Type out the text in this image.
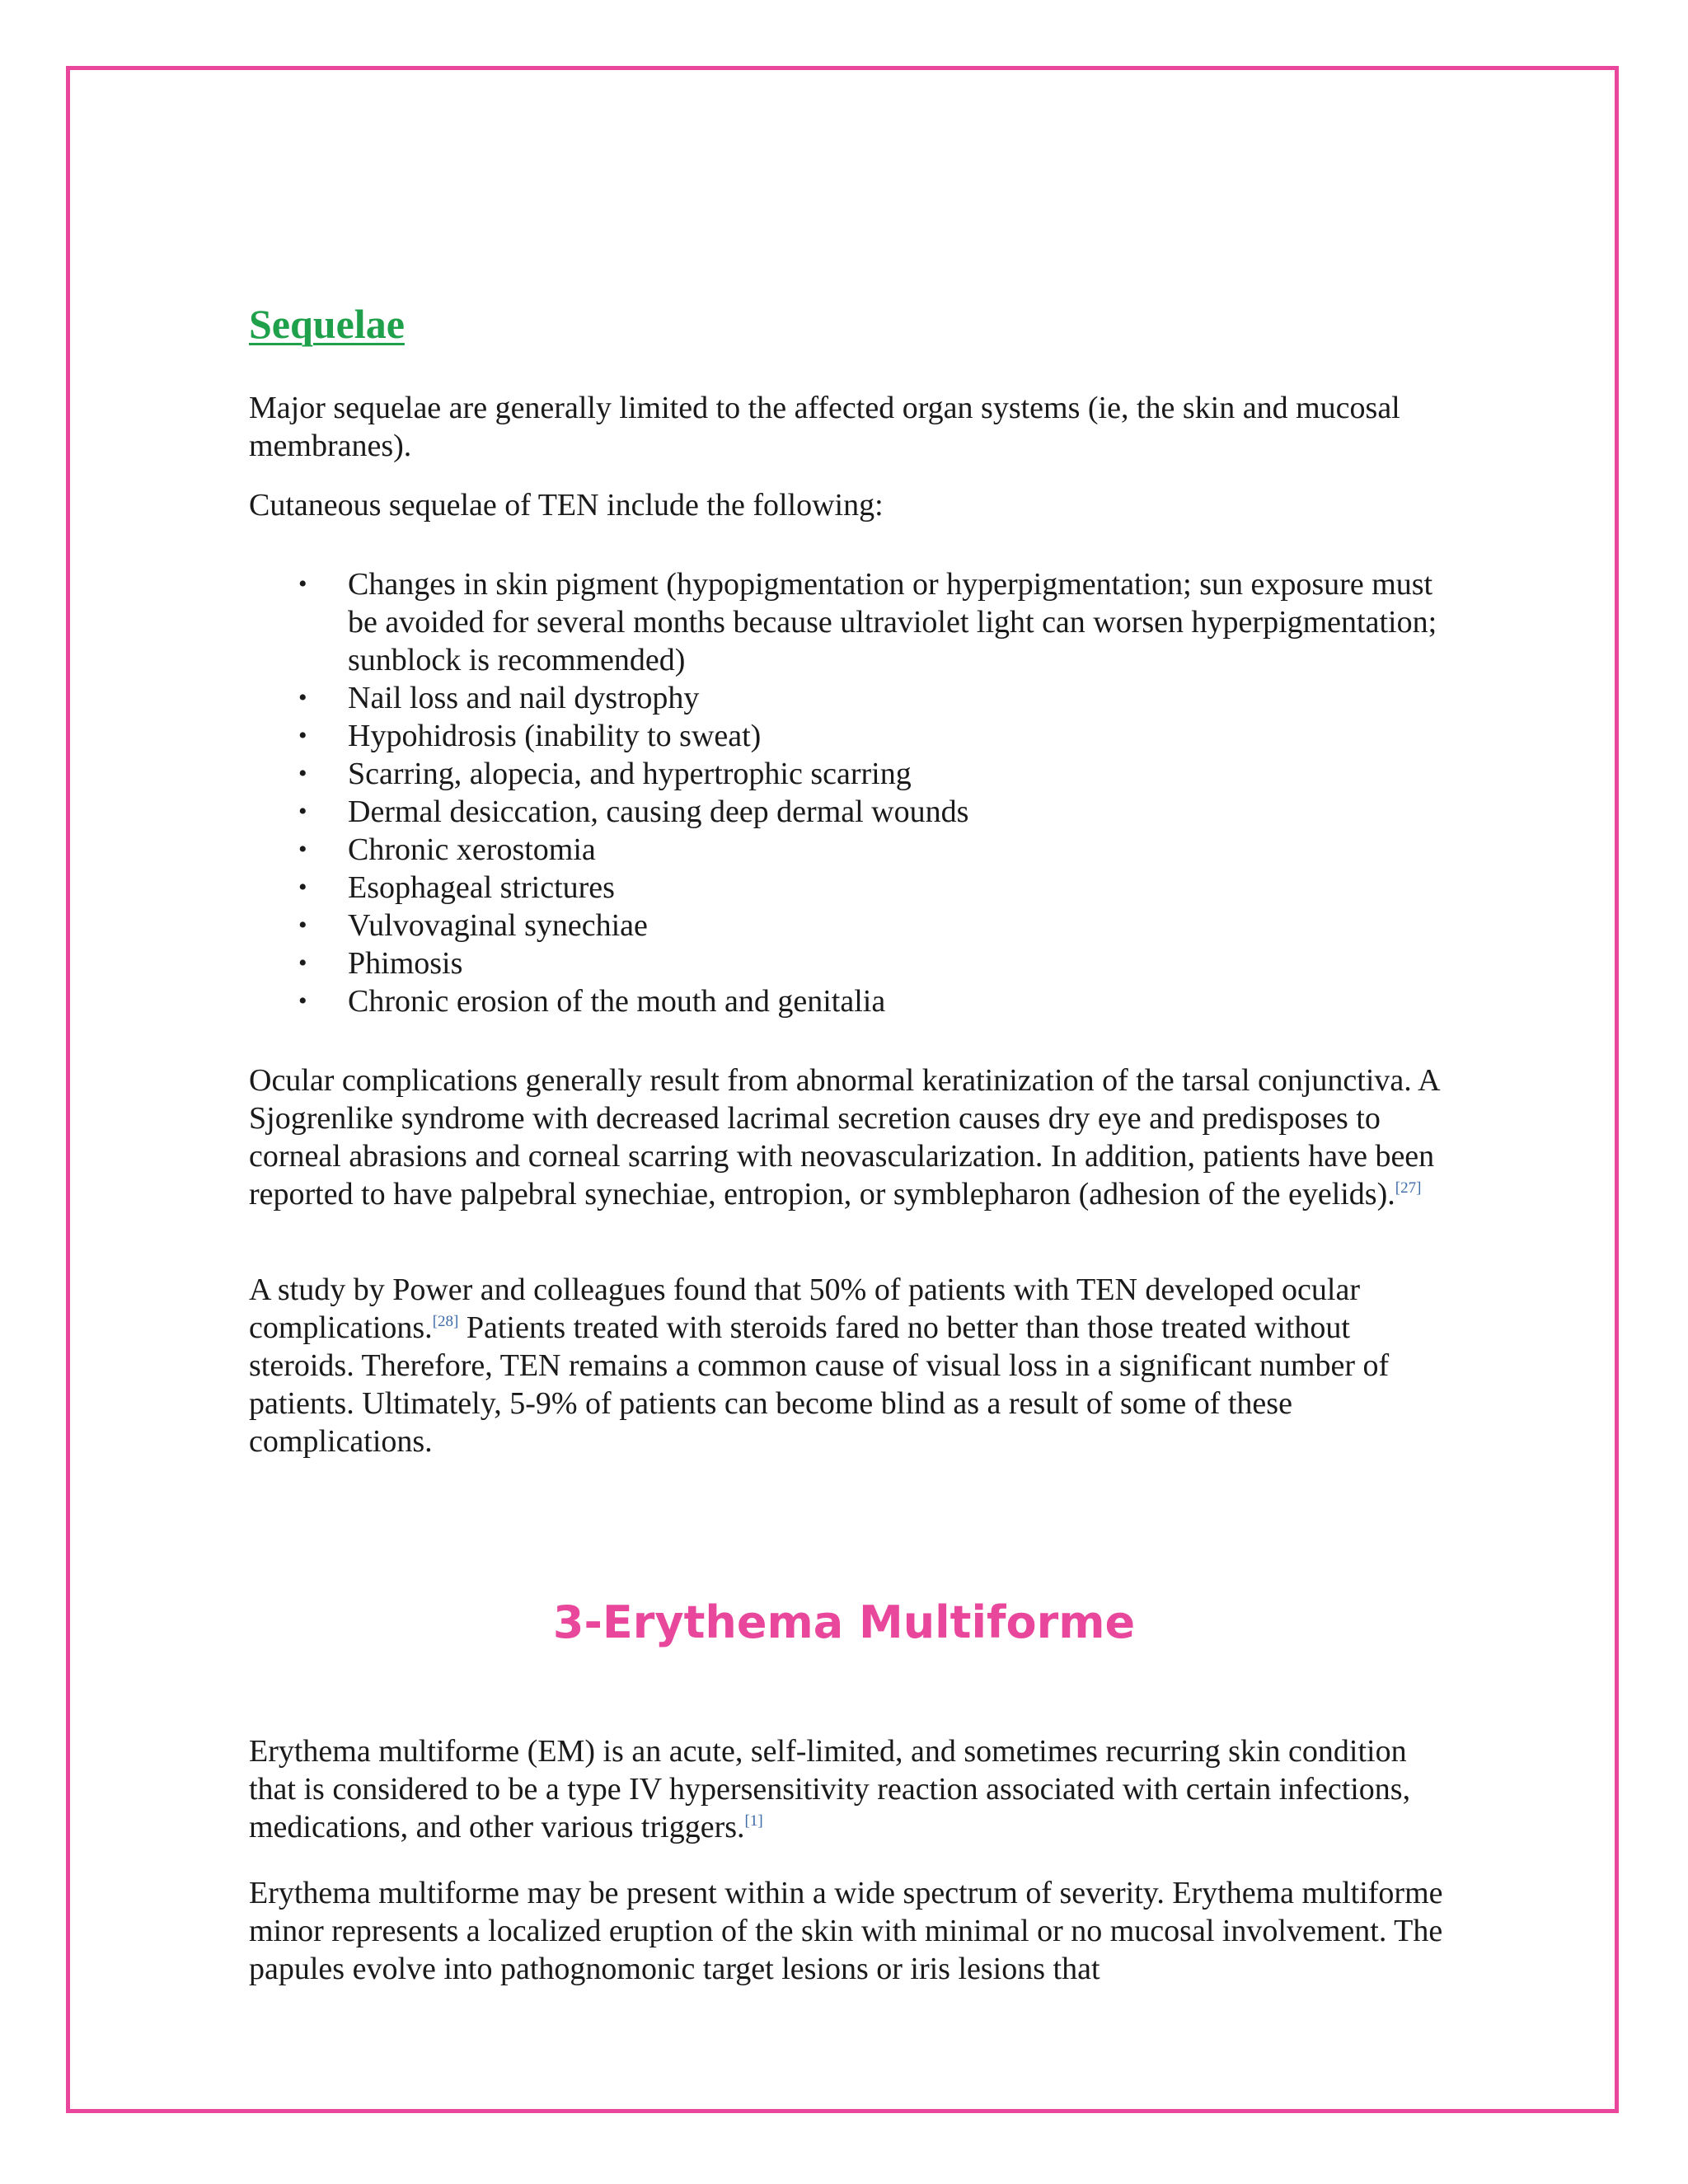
Sequelae

Major sequelae are generally limited to the affected organ systems (ie, the skin and mucosal membranes).

Cutaneous sequelae of TEN include the following:

• Changes in skin pigment (hypopigmentation or hyperpigmentation; sun exposure must be avoided for several months because ultraviolet light can worsen hyperpigmentation; sunblock is recommended)
• Nail loss and nail dystrophy
• Hypohidrosis (inability to sweat)
• Scarring, alopecia, and hypertrophic scarring
• Dermal desiccation, causing deep dermal wounds
• Chronic xerostomia
• Esophageal strictures
• Vulvovaginal synechiae
• Phimosis
• Chronic erosion of the mouth and genitalia

Ocular complications generally result from abnormal keratinization of the tarsal conjunctiva. A Sjogrenlike syndrome with decreased lacrimal secretion causes dry eye and predisposes to corneal abrasions and corneal scarring with neovascularization. In addition, patients have been reported to have palpebral synechiae, entropion, or symblepharon (adhesion of the eyelids).[27]

A study by Power and colleagues found that 50% of patients with TEN developed ocular complications.[28] Patients treated with steroids fared no better than those treated without steroids. Therefore, TEN remains a common cause of visual loss in a significant number of patients. Ultimately, 5-9% of patients can become blind as a result of some of these complications.

3-Erythema Multiforme

Erythema multiforme (EM) is an acute, self-limited, and sometimes recurring skin condition that is considered to be a type IV hypersensitivity reaction associated with certain infections, medications, and other various triggers.[1]

Erythema multiforme may be present within a wide spectrum of severity. Erythema multiforme minor represents a localized eruption of the skin with minimal or no mucosal involvement. The papules evolve into pathognomonic target lesions or iris lesions that
